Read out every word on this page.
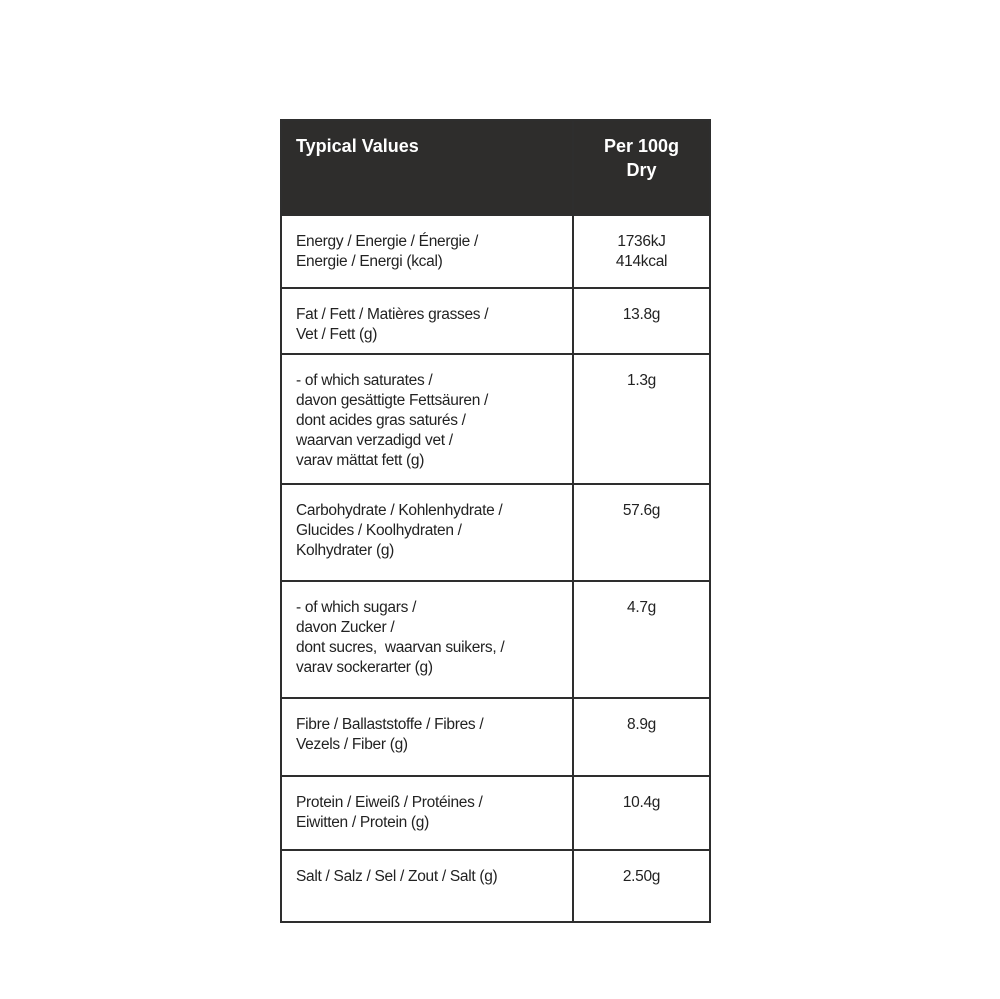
Typical Values	Per 100g
Dry

Energy / Energie / Énergie /
Energie / Energi (kcal)	1736kJ
414kcal

Fat / Fett / Matières grasses /
Vet / Fett (g)	13.8g

- of which saturates /
davon gesättigte Fettsäuren /
dont acides gras saturés /
waarvan verzadigd vet /
varav mättat fett (g)	1.3g

Carbohydrate / Kohlenhydrate /
Glucides / Koolhydraten /
Kolhydrater (g)	57.6g

- of which sugars /
davon Zucker /
dont sucres,  waarvan suikers, /
varav sockerarter (g)	4.7g

Fibre / Ballaststoffe / Fibres /
Vezels / Fiber (g)	8.9g

Protein / Eiweiß / Protéines /
Eiwitten / Protein (g)	10.4g

Salt / Salz / Sel / Zout / Salt (g)	2.50g
